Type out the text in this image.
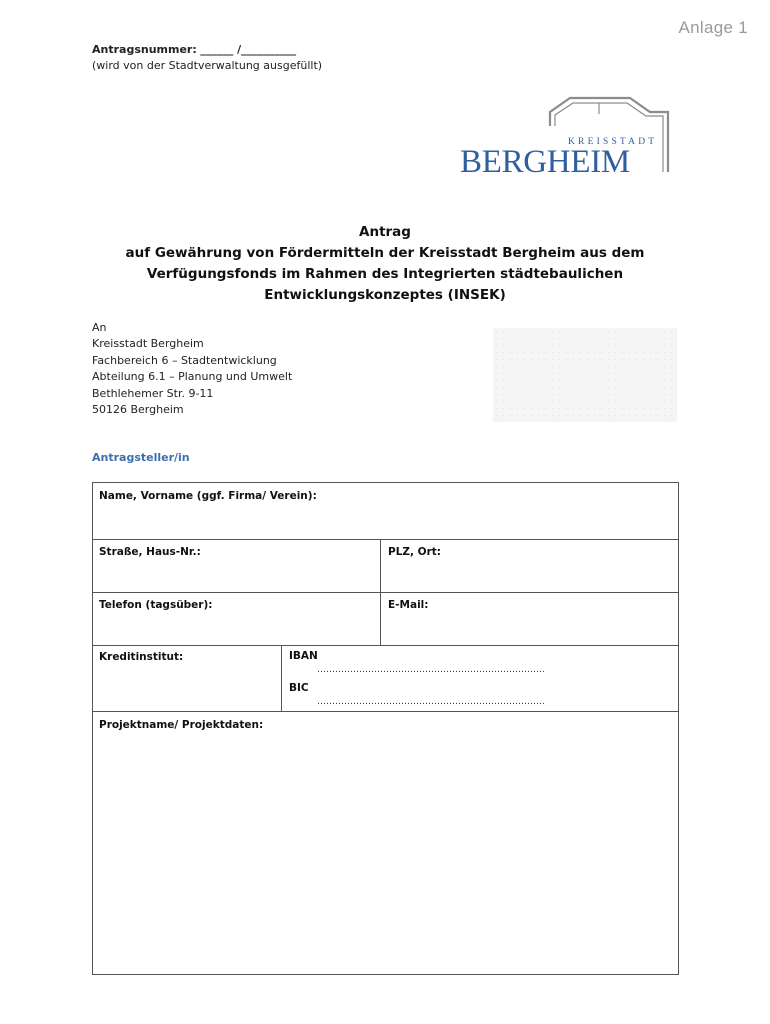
Anlage 1
Antragsnummer: ______ /__________
(wird von der Stadtverwaltung ausgefüllt)
KREISSTADT
BERGHEIM
Antrag
auf Gewährung von Fördermitteln der Kreisstadt Bergheim aus dem
Verfügungsfonds im Rahmen des Integrierten städtebaulichen
Entwicklungskonzeptes (INSEK)
An
Kreisstadt Bergheim
Fachbereich 6 – Stadtentwicklung
Abteilung 6.1 – Planung und Umwelt
Bethlehemer Str. 9-11
50126 Bergheim
Antragsteller/in
Name, Vorname (ggf. Firma/ Verein):
Straße, Haus-Nr.:	PLZ, Ort:
Telefon (tagsüber):	E-Mail:
Kreditinstitut:	IBAN
………………………………………………………………….
BIC
………………………………………………………………….
Projektname/ Projektdaten:
